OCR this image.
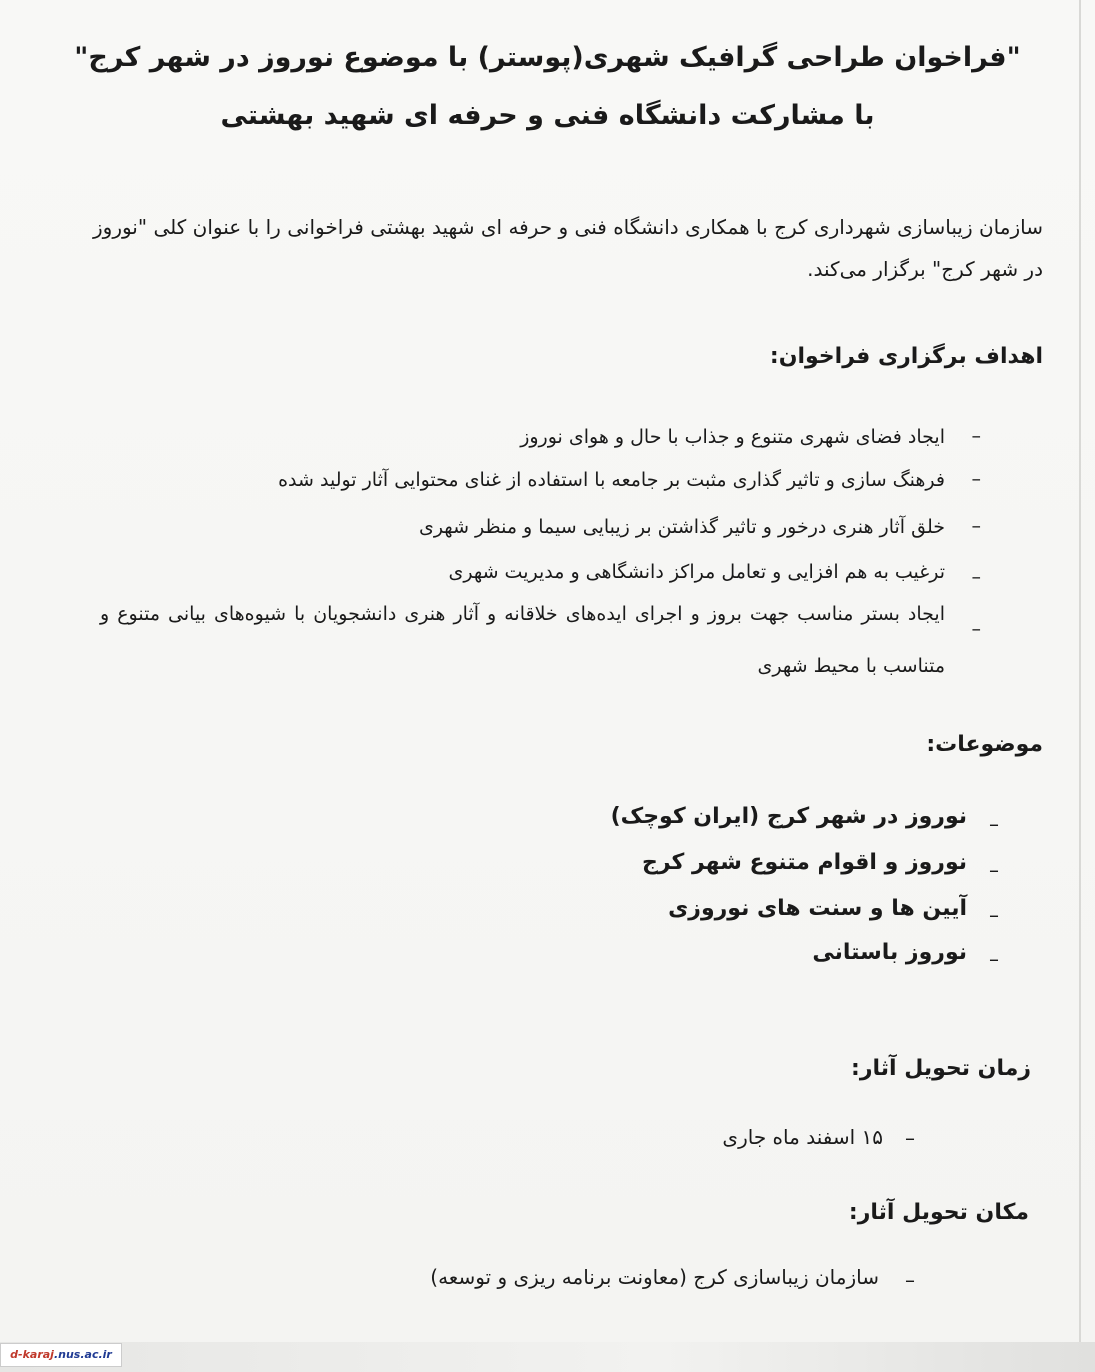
"فراخوان طراحی گرافیک شهری(پوستر) با موضوع نوروز در شهر کرج"
با مشارکت دانشگاه فنی و حرفه ای شهید بهشتی
سازمان زیباسازی شهرداری کرج با همکاری دانشگاه فنی و حرفه ای شهید بهشتی فراخوانی را با عنوان کلی "نوروز در شهر کرج" برگزار می‌کند.
اهداف برگزاری فراخوان:
–
ایجاد فضای شهری متنوع و جذاب با حال و هوای نوروز
–
فرهنگ سازی و تاثیر گذاری مثبت بر جامعه با استفاده از غنای محتوایی آثار تولید شده
–
خلق آثار هنری درخور و تاثیر گذاشتن بر زیبایی سیما و منظر شهری
–
ترغیب به هم افزایی و تعامل مراکز دانشگاهی و مدیریت شهری
–
ایجاد بستر مناسب جهت بروز و اجرای ایده‌های خلاقانه و آثار هنری دانشجویان با شیوه‌های بیانی متنوع و متناسب با محیط شهری
موضوعات:
–
نوروز در شهر کرج (ایران کوچک)
–
نوروز و اقوام متنوع شهر کرج
–
آیین ها و سنت های نوروزی
–
نوروز باستانی
زمان تحویل آثار:
–
۱۵ اسفند ماه جاری
مکان تحویل آثار:
–
سازمان زیباسازی کرج (معاونت برنامه ریزی و توسعه)
d-karaj.nus.ac.ir
